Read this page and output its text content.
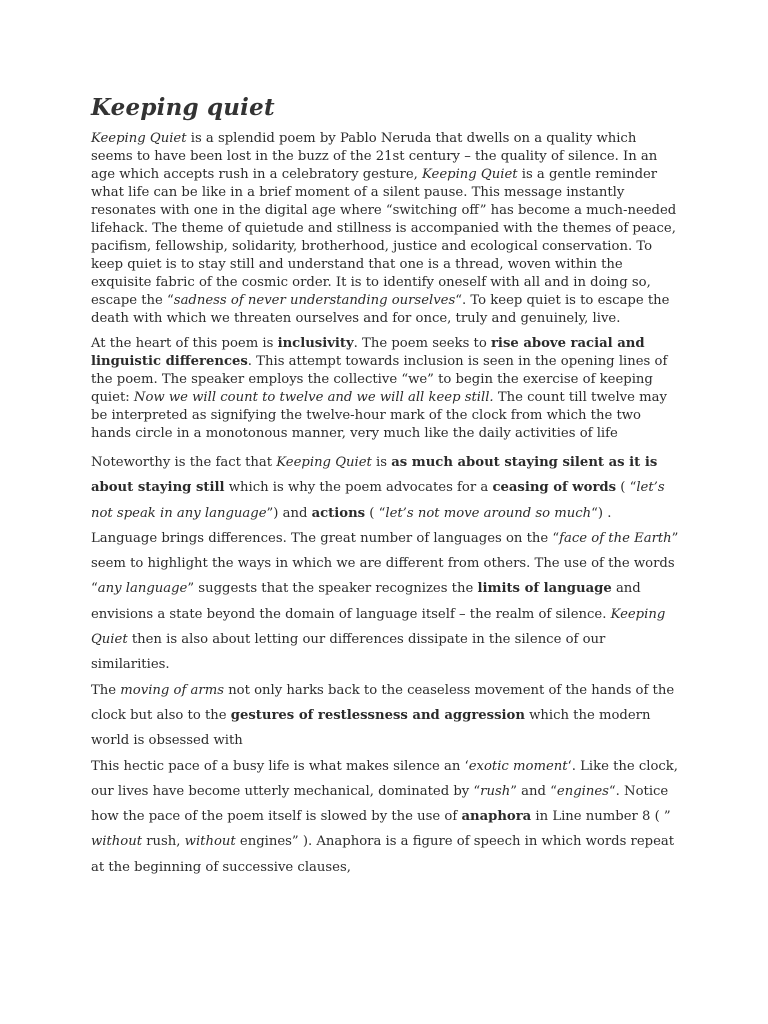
Keeping quiet

Keeping Quiet is a splendid poem by Pablo Neruda that dwells on a quality which seems to have been lost in the buzz of the 21st century – the quality of silence. In an age which accepts rush in a celebratory gesture, Keeping Quiet is a gentle reminder what life can be like in a brief moment of a silent pause. This message instantly resonates with one in the digital age where “switching off” has become a much-needed lifehack. The theme of quietude and stillness is accompanied with the themes of peace, pacifism, fellowship, solidarity, brotherhood, justice and ecological conservation. To keep quiet is to stay still and understand that one is a thread, woven within the exquisite fabric of the cosmic order. It is to identify oneself with all and in doing so, escape the “sadness of never understanding ourselves“. To keep quiet is to escape the death with which we threaten ourselves and for once, truly and genuinely, live.

At the heart of this poem is inclusivity. The poem seeks to rise above racial and linguistic differences. This attempt towards inclusion is seen in the opening lines of the poem. The speaker employs the collective “we” to begin the exercise of keeping quiet: Now we will count to twelve and we will all keep still. The count till twelve may be interpreted as signifying the twelve-hour mark of the clock from which the two hands circle in a monotonous manner, very much like the daily activities of life

Noteworthy is the fact that Keeping Quiet is as much about staying silent as it is about staying still which is why the poem advocates for a ceasing of words ( “let’s not speak in any language”) and actions ( “let’s not move around so much“) . Language brings differences. The great number of languages on the “face of the Earth” seem to highlight the ways in which we are different from others. The use of the words “any language” suggests that the speaker recognizes the limits of language and envisions a state beyond the domain of language itself – the realm of silence. Keeping Quiet then is also about letting our differences dissipate in the silence of our similarities.

The moving of arms not only harks back to the ceaseless movement of the hands of the clock but also to the gestures of restlessness and aggression which the modern world is obsessed with

This hectic pace of a busy life is what makes silence an ‘exotic moment‘. Like the clock, our lives have become utterly mechanical, dominated by “rush” and “engines“. Notice how the pace of the poem itself is slowed by the use of anaphora in Line number 8 ( ” without rush, without engines” ). Anaphora is a figure of speech in which words repeat at the beginning of successive clauses,
